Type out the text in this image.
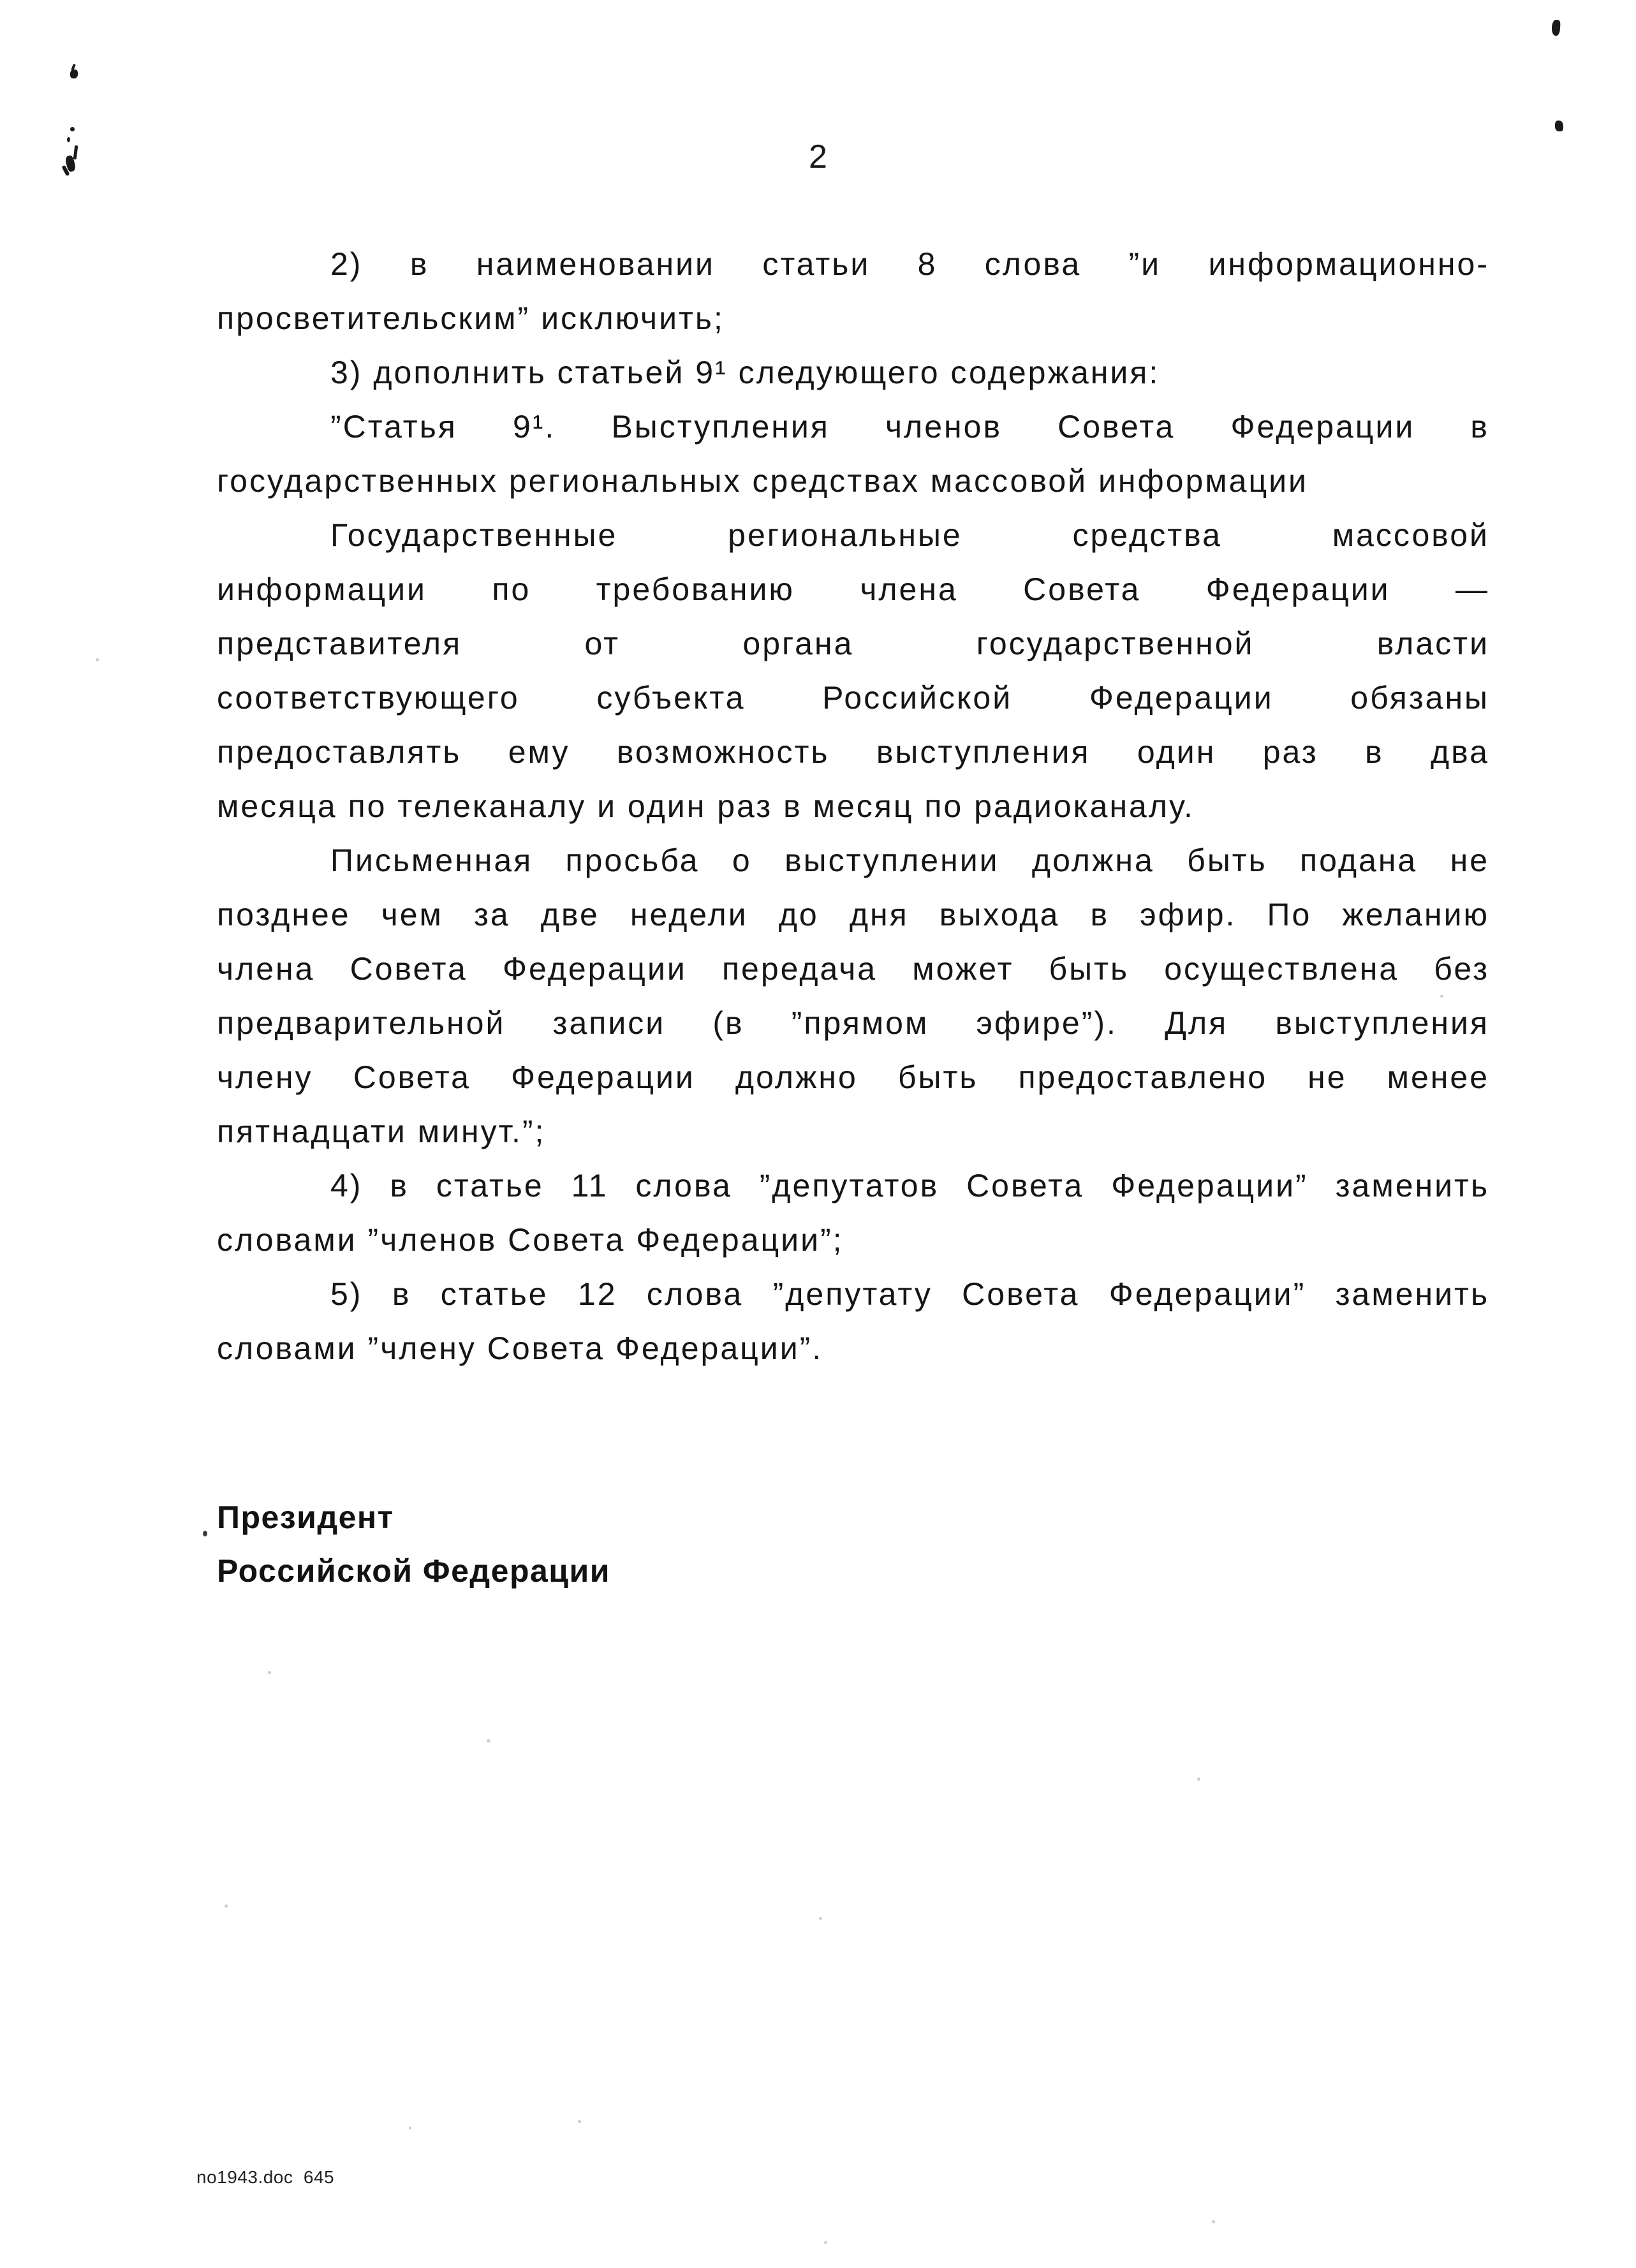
2
2) в наименовании статьи 8 слова ”и информационно-
просветительским” исключить;
3) дополнить статьей 9¹ следующего содержания:
”Статья 9¹. Выступления членов Совета Федерации в
государственных региональных средствах массовой информации
Государственные региональные средства массовой
информации по требованию члена Совета Федерации —
представителя от органа государственной власти
соответствующего субъекта Российской Федерации обязаны
предоставлять ему возможность выступления один раз в два
месяца по телеканалу и один раз в месяц по радиоканалу.
Письменная просьба о выступлении должна быть подана не
позднее чем за две недели до дня выхода в эфир. По желанию
члена Совета Федерации передача может быть осуществлена без
предварительной записи (в ”прямом эфире”). Для выступления
члену Совета Федерации должно быть предоставлено не менее
пятнадцати минут.”;
4) в статье 11 слова ”депутатов Совета Федерации” заменить
словами ”членов Совета Федерации”;
5) в статье 12 слова ”депутату Совета Федерации” заменить
словами ”члену Совета Федерации”.
Президент
Российской Федерации
no1943.doc  645
